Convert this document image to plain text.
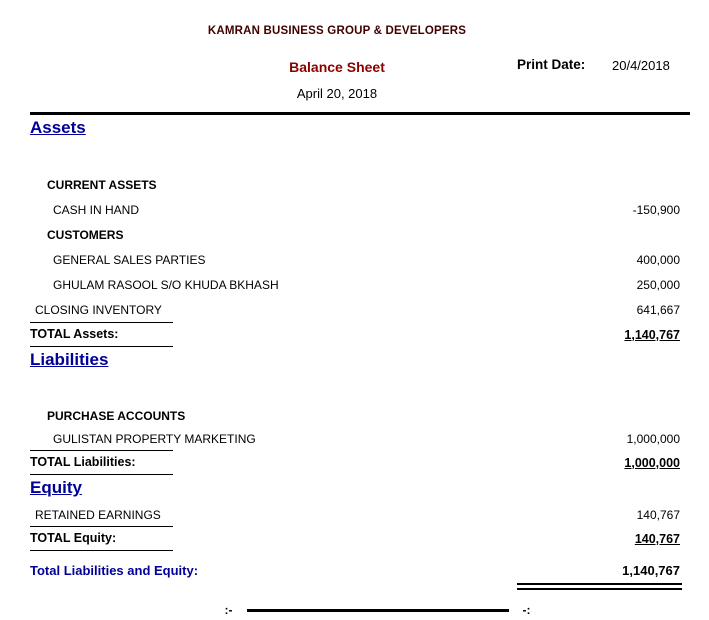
KAMRAN BUSINESS GROUP & DEVELOPERS
Balance Sheet	Print Date: 20/4/2018
April 20, 2018
Assets
CURRENT ASSETS
CASH IN HAND	-150,900
CUSTOMERS
GENERAL SALES PARTIES	400,000
GHULAM RASOOL S/O KHUDA BKHASH	250,000
CLOSING INVENTORY	641,667
TOTAL Assets:	1,140,767
Liabilities
PURCHASE ACCOUNTS
GULISTAN PROPERTY MARKETING	1,000,000
TOTAL Liabilities:	1,000,000
Equity
RETAINED EARNINGS	140,767
TOTAL Equity:	140,767
Total Liabilities and Equity:	1,140,767
:-	-:
